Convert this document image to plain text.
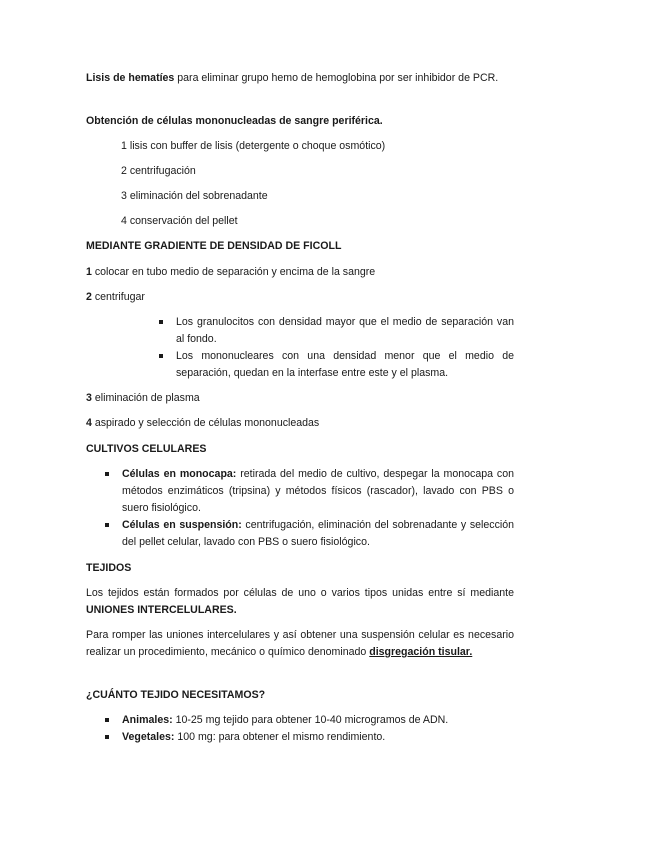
Lisis de hematíes para eliminar grupo hemo de hemoglobina por ser inhibidor de PCR.

Obtención de células mononucleadas de sangre periférica.

1 lisis con buffer de lisis (detergente o choque osmótico)

2 centrifugación

3 eliminación del sobrenadante

4 conservación del pellet

MEDIANTE GRADIENTE DE DENSIDAD DE FICOLL

1 colocar en tubo medio de separación y encima de la sangre

2 centrifugar

Los granulocitos con densidad mayor que el medio de separación van al fondo.
Los mononucleares con una densidad menor que el medio de separación, quedan en la interfase entre este y el plasma.

3 eliminación de plasma

4 aspirado y selección de células mononucleadas

CULTIVOS CELULARES

Células en monocapa: retirada del medio de cultivo, despegar la monocapa con métodos enzimáticos (tripsina) y métodos físicos (rascador), lavado con PBS o suero fisiológico.
Células en suspensión: centrifugación, eliminación del sobrenadante y selección del pellet celular, lavado con PBS o suero fisiológico.

TEJIDOS

Los tejidos están formados por células de uno o varios tipos unidas entre sí mediante UNIONES INTERCELULARES.

Para romper las uniones intercelulares y así obtener una suspensión celular es necesario realizar un procedimiento, mecánico o químico denominado disgregación tisular.

¿CUÁNTO TEJIDO NECESITAMOS?

Animales: 10-25 mg tejido para obtener 10-40 microgramos de ADN.
Vegetales: 100 mg: para obtener el mismo rendimiento.
